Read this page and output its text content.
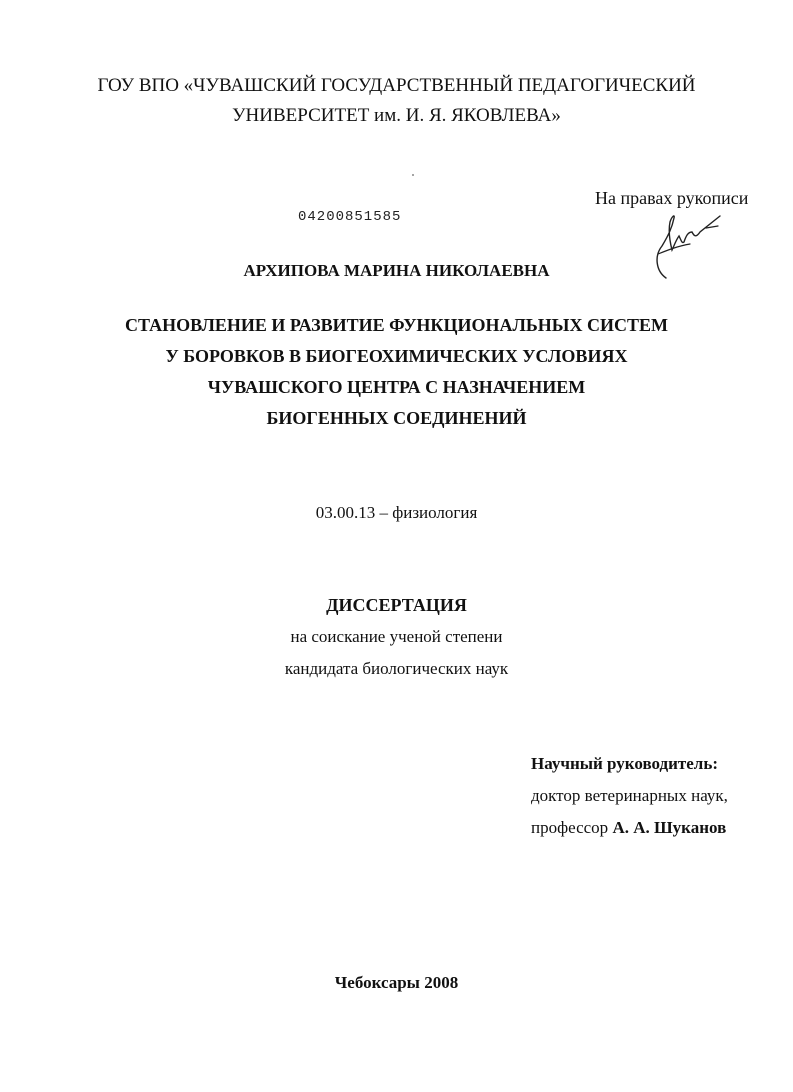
ГОУ ВПО «ЧУВАШСКИЙ ГОСУДАРСТВЕННЫЙ ПЕДАГОГИЧЕСКИЙ
УНИВЕРСИТЕТ им. И. Я. ЯКОВЛЕВА»
На правах рукописи
04200851585
АРХИПОВА МАРИНА НИКОЛАЕВНА
СТАНОВЛЕНИЕ И РАЗВИТИЕ ФУНКЦИОНАЛЬНЫХ СИСТЕМ
У БОРОВКОВ В БИОГЕОХИМИЧЕСКИХ УСЛОВИЯХ
ЧУВАШСКОГО ЦЕНТРА С НАЗНАЧЕНИЕМ
БИОГЕННЫХ СОЕДИНЕНИЙ
03.00.13 – физиология
ДИССЕРТАЦИЯ
на соискание ученой степени
кандидата биологических наук
Научный руководитель:
доктор ветеринарных наук,
профессор А. А. Шуканов
Чебоксары 2008
